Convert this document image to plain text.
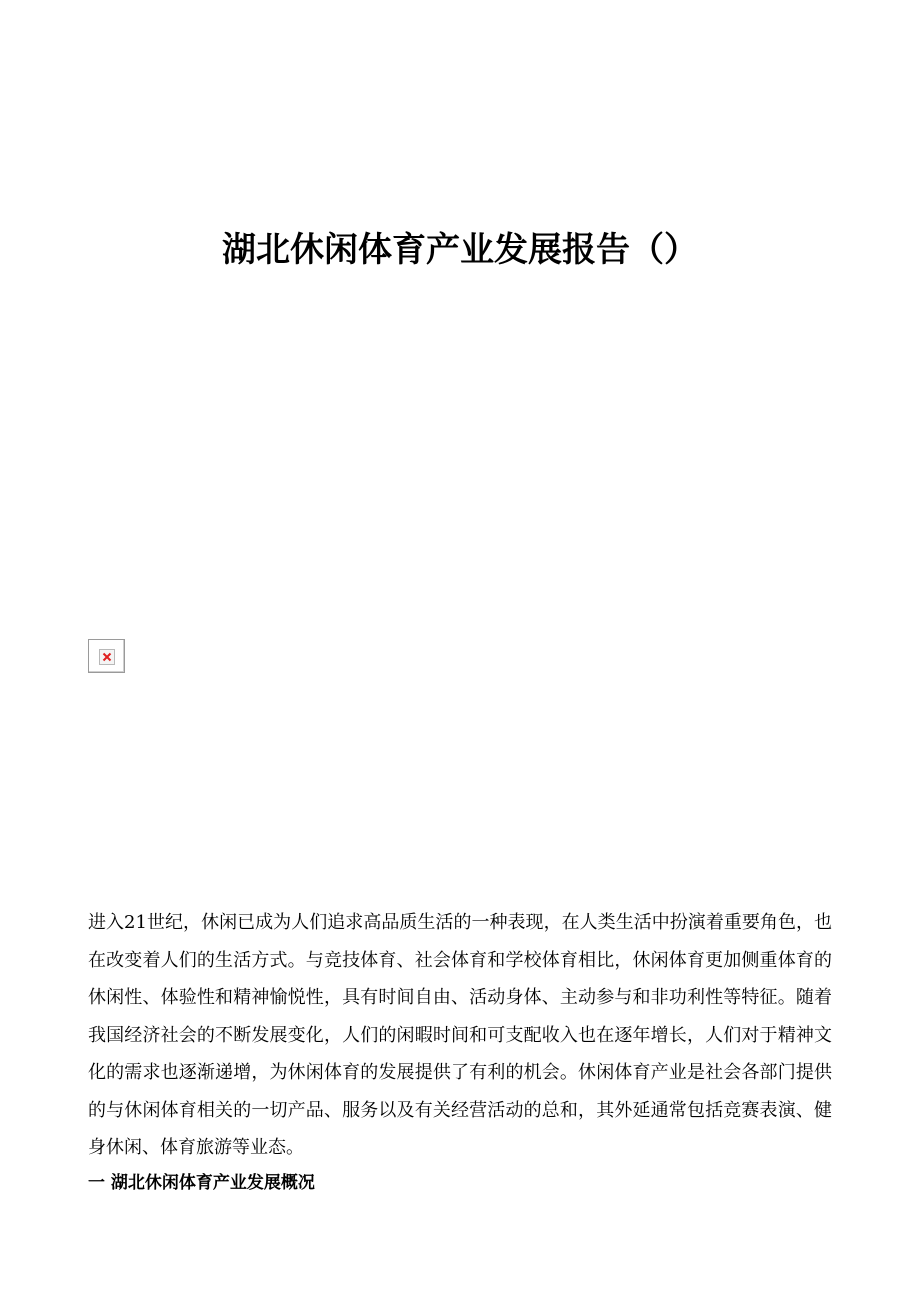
湖北休闲体育产业发展报告（）

进入21世纪，休闲已成为人们追求高品质生活的一种表现，在人类生活中扮演着重要角色，也在改变着人们的生活方式。与竞技体育、社会体育和学校体育相比，休闲体育更加侧重体育的休闲性、体验性和精神愉悦性，具有时间自由、活动身体、主动参与和非功利性等特征。随着我国经济社会的不断发展变化，人们的闲暇时间和可支配收入也在逐年增长，人们对于精神文化的需求也逐渐递增，为休闲体育的发展提供了有利的机会。休闲体育产业是社会各部门提供的与休闲体育相关的一切产品、服务以及有关经营活动的总和，其外延通常包括竞赛表演、健身休闲、体育旅游等业态。

一 湖北休闲体育产业发展概况
